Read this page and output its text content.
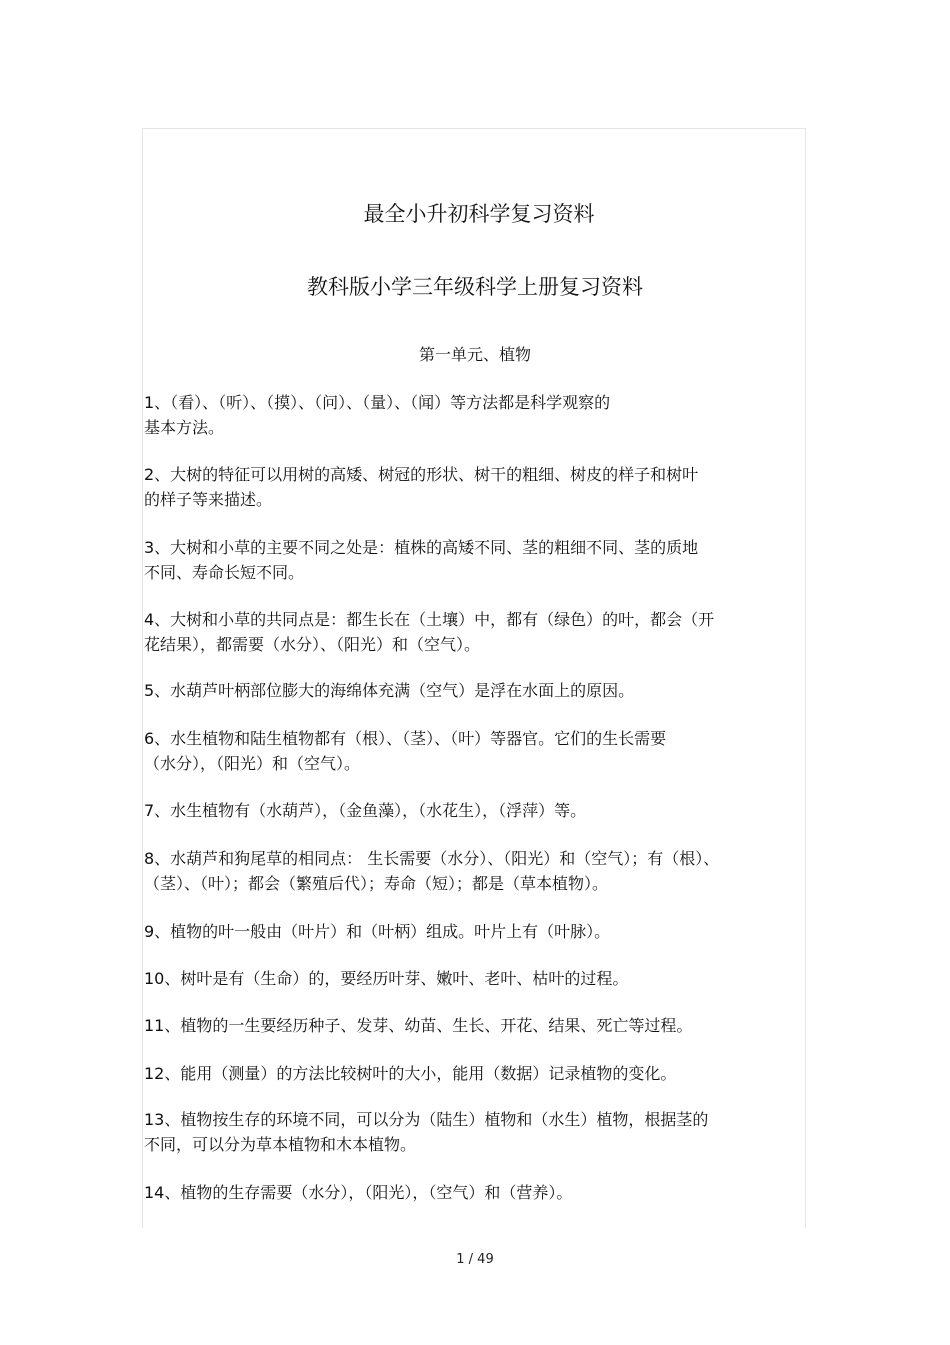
最全小升初科学复习资料
教科版小学三年级科学上册复习资料
第一单元、植物

1、（看）、（听）、（摸）、（问）、（量）、（闻）等方法都是科学观察的
基本方法。

2、大树的特征可以用树的高矮、树冠的形状、树干的粗细、树皮的样子和树叶
的样子等来描述。

3、大树和小草的主要不同之处是：植株的高矮不同、茎的粗细不同、茎的质地
不同、寿命长短不同。

4、大树和小草的共同点是：都生长在（土壤）中，都有（绿色）的叶，都会（开
花结果），都需要（水分）、（阳光）和（空气）。

5、水葫芦叶柄部位膨大的海绵体充满（空气）是浮在水面上的原因。

6、水生植物和陆生植物都有（根）、（茎）、（叶）等器官。它们的生长需要
（水分），（阳光）和（空气）。

7、水生植物有（水葫芦），（金鱼藻），（水花生），（浮萍）等。

8、水葫芦和狗尾草的相同点： 生长需要（水分）、（阳光）和（空气）；有（根）、
（茎）、（叶）；都会（繁殖后代）；寿命（短）；都是（草本植物）。

9、植物的叶一般由（叶片）和（叶柄）组成。叶片上有（叶脉）。

10、树叶是有（生命）的，要经历叶芽、嫩叶、老叶、枯叶的过程。

11、植物的一生要经历种子、发芽、幼苗、生长、开花、结果、死亡等过程。

12、能用（测量）的方法比较树叶的大小，能用（数据）记录植物的变化。

13、植物按生存的环境不同，可以分为（陆生）植物和（水生）植物，根据茎的
不同，可以分为草本植物和木本植物。

14、植物的生存需要（水分），（阳光），（空气）和（营养）。

1 / 49
